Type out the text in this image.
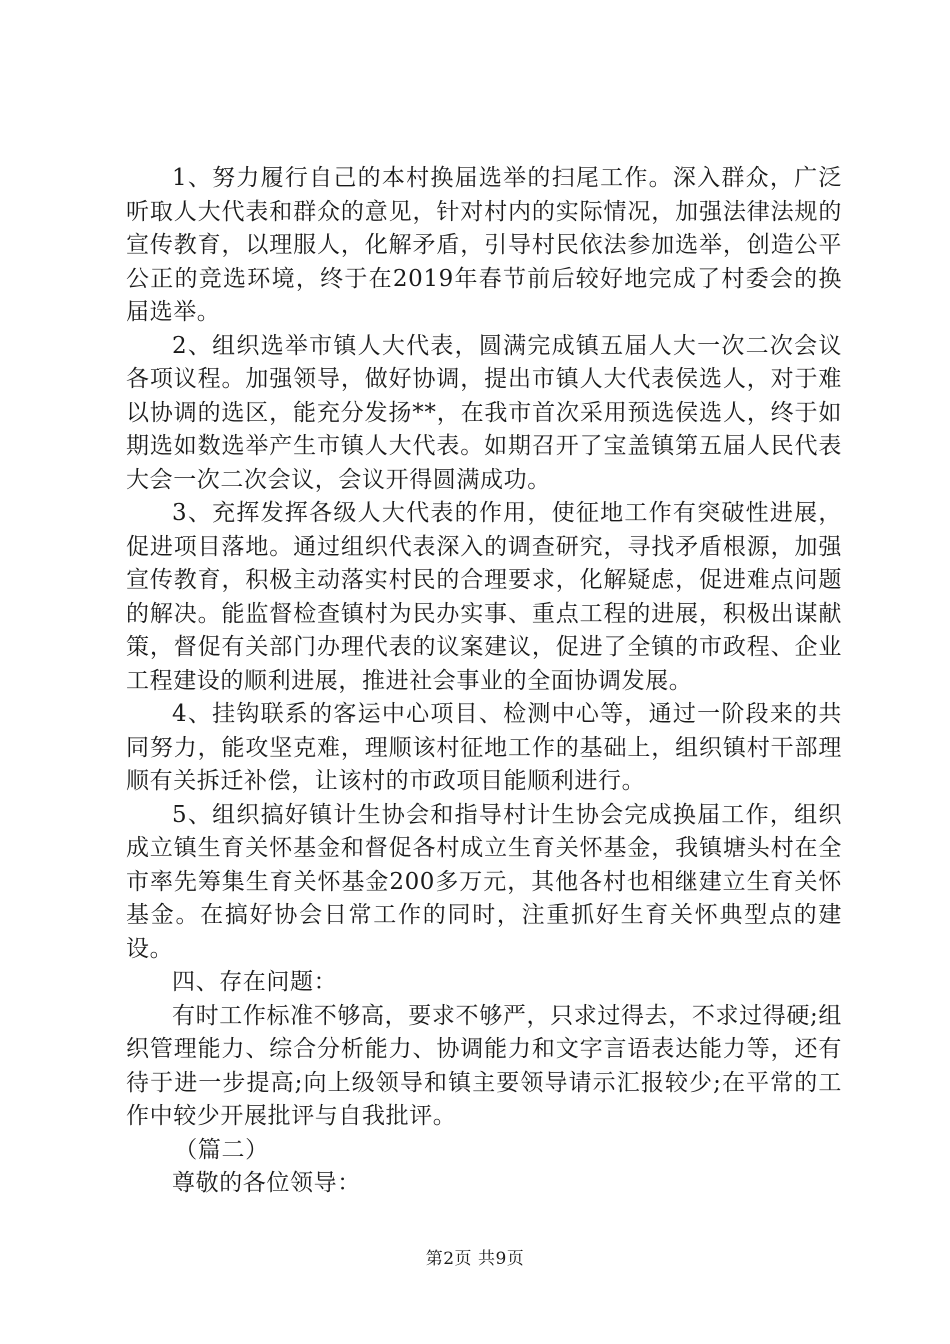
1、努力履行自己的本村换届选举的扫尾工作。深入群众，广泛听取人大代表和群众的意见，针对村内的实际情况，加强法律法规的宣传教育，以理服人，化解矛盾，引导村民依法参加选举，创造公平公正的竞选环境，终于在2019年春节前后较好地完成了村委会的换届选举。

2、组织选举市镇人大代表，圆满完成镇五届人大一次二次会议各项议程。加强领导，做好协调，提出市镇人大代表侯选人，对于难以协调的选区，能充分发扬**，在我市首次采用预选侯选人，终于如期选如数选举产生市镇人大代表。如期召开了宝盖镇第五届人民代表大会一次二次会议，会议开得圆满成功。

3、充挥发挥各级人大代表的作用，使征地工作有突破性进展，促进项目落地。通过组织代表深入的调查研究，寻找矛盾根源，加强宣传教育，积极主动落实村民的合理要求，化解疑虑，促进难点问题的解决。能监督检查镇村为民办实事、重点工程的进展，积极出谋献策，督促有关部门办理代表的议案建议，促进了全镇的市政程、企业工程建设的顺利进展，推进社会事业的全面协调发展。

4、挂钩联系的客运中心项目、检测中心等，通过一阶段来的共同努力，能攻坚克难，理顺该村征地工作的基础上，组织镇村干部理顺有关拆迁补偿，让该村的市政项目能顺利进行。

5、组织搞好镇计生协会和指导村计生协会完成换届工作，组织成立镇生育关怀基金和督促各村成立生育关怀基金，我镇塘头村在全市率先筹集生育关怀基金200多万元，其他各村也相继建立生育关怀基金。在搞好协会日常工作的同时，注重抓好生育关怀典型点的建设。

四、存在问题：

有时工作标准不够高，要求不够严，只求过得去，不求过得硬;组织管理能力、综合分析能力、协调能力和文字言语表达能力等，还有待于进一步提高;向上级领导和镇主要领导请示汇报较少;在平常的工作中较少开展批评与自我批评。

（篇二）

尊敬的各位领导：

第2页 共9页
